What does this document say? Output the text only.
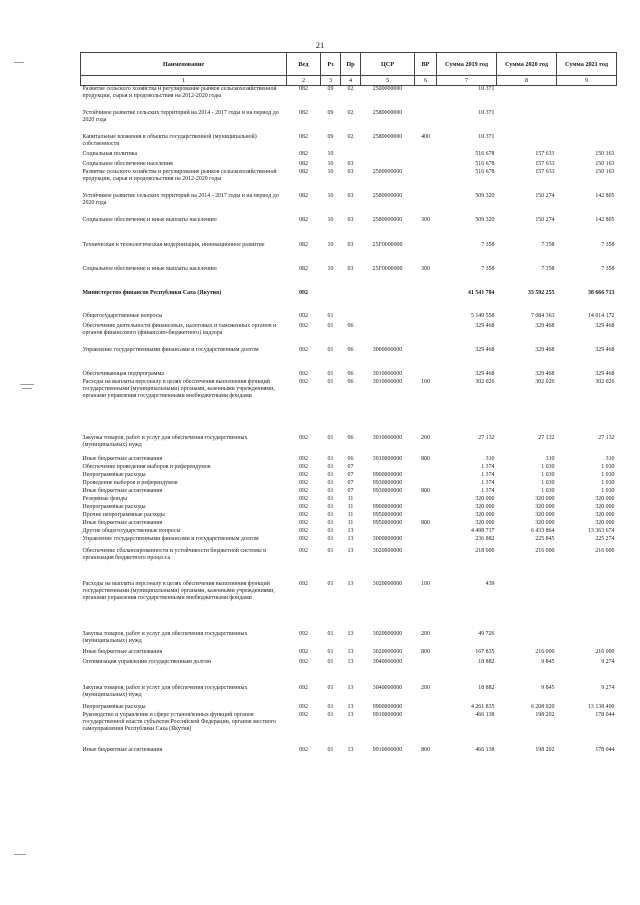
21
Наименование	Вед	Рз	Пр	ЦСР	ВР	Сумма 2019 год	Сумма 2020 год	Сумма 2021 год
1	2	3	4	5	6	7	8	9
Развитие сельского хозяйства и регулирование рынков сельскохозяйственной продукции, сырья и продовольствия на 2012-2020 годы	082	09	02	2500000000		10 371		
Устойчивое развитие сельских территорий на 2014 - 2017 годы и на период до 2020 года	082	09	02	2580000000		10 371		
Капитальные вложения в объекты государственной (муниципальной) собственности	082	09	02	2580000000	400	10 371		
Социальная политика	082	10				516 678	157 633	150 163
Социальное обеспечение населения	082	10	03			516 678	157 633	150 163
Развитие сельского хозяйства и регулирование рынков сельскохозяйственной продукции, сырья и продовольствия на 2012-2020 годы	082	10	03	2500000000		516 678	157 633	150 163
Устойчивое развитие сельских территорий на 2014 - 2017 годы и на период до 2020 года	082	10	03	2580000000		509 320	150 274	142 805
Социальное обеспечение и иные выплаты населению	082	10	03	2580000000	300	509 320	150 274	142 805
Техническая и технологическая модернизация, инновационное развитие	082	10	03	25Г0000000		7 358	7 358	7 358
Социальное обеспечение и иные выплаты населению	082	10	03	25Г0000000	300	7 358	7 358	7 358
Министерство финансов Республики Саха (Якутия)	092					41 541 784	33 592 255	38 666 713
Общегосударственные вопросы	092	01				5 149 558	7 084 363	14 014 172
Обеспечение деятельности финансовых, налоговых и таможенных органов и органов финансового (финансово-бюджетного) надзора	092	01	06			329 468	329 468	329 468
Управление государственными финансами и государственным долгом	092	01	06	3000000000		329 468	329 468	329 468
Обеспечивающая подпрограмма	092	01	06	3010000000		329 468	329 468	329 468
Расходы на выплаты персоналу в целях обеспечения выполнения функций государственными (муниципальными) органами, казенными учреждениями, органами управления государственными внебюджетными фондами	092	01	06	3010000000	100	302 026	302 026	302 026
Закупка товаров, работ и услуг для обеспечения государственных (муниципальных) нужд	092	01	06	3010000000	200	27 132	27 132	27 132
Иные бюджетные ассигнования	092	01	06	3010000000	800	310	310	310
Обеспечение проведения выборов и референдумов	092	01	07			1 374	1 030	1 030
Непрограммные расходы	092	01	07	9900000000		1 374	1 030	1 030
Проведение выборов и референдумов	092	01	07	9930000000		1 374	1 030	1 030
Иные бюджетные ассигнования	092	01	07	9930000000	800	1 374	1 030	1 030
Резервные фонды	092	01	11			320 000	320 000	320 000
Непрограммные расходы	092	01	11	9900000000		320 000	320 000	320 000
Прочие непрограммные расходы	092	01	11	9950000000		320 000	320 000	320 000
Иные бюджетные ассигнования	092	01	11	9950000000	800	320 000	320 000	320 000
Другие общегосударственные вопросы	092	01	13			4 498 717	6 433 864	13 363 674
Управление государственными финансами и государственным долгом	092	01	13	3000000000		236 882	225 845	225 274
Обеспечение сбалансированности и устойчивости бюджетной системы и организация бюджетного процесса	092	01	13	3020000000		218 000	216 000	216 000
Расходы на выплаты персоналу в целях обеспечения выполнения функций государственными (муниципальными) органами, казенными учреждениями, органами управления государственными внебюджетными фондами	092	01	13	3020000000	100	439		
Закупка товаров, работ и услуг для обеспечения государственных (муниципальных) нужд	092	01	13	3020000000	200	49 726		
Иные бюджетные ассигнования	092	01	13	3020000000	800	167 835	216 000	216 000
Оптимизация управления государственным долгом	092	01	13	3040000000		18 882	9 845	9 274
Закупка товаров, работ и услуг для обеспечения государственных (муниципальных) нужд	092	01	13	3040000000	200	18 882	9 845	9 274
Непрограммные расходы	092	01	13	9900000000		4 261 835	6 208 020	13 138 400
Руководство и управление в сфере установленных функций органов государственной власти субъектов Российской Федерации, органов местного самоуправления Республики Саха (Якутия)	092	01	13	9910000000		466 138	198 202	178 044
Иные бюджетные ассигнования	092	01	13	9910000000	800	466 138	198 202	178 044
